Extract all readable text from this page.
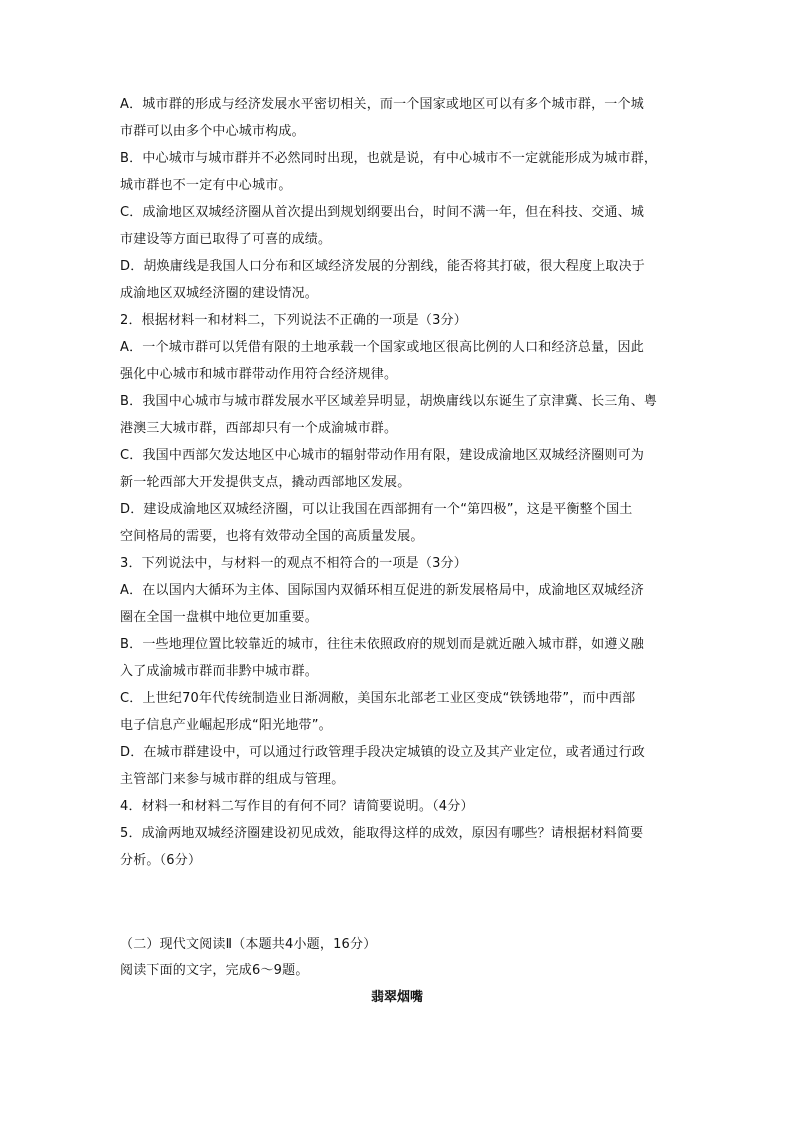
A．城市群的形成与经济发展水平密切相关，而一个国家或地区可以有多个城市群，一个城
市群可以由多个中心城市构成。
B．中心城市与城市群并不必然同时出现，也就是说，有中心城市不一定就能形成为城市群，
城市群也不一定有中心城市。
C．成渝地区双城经济圈从首次提出到规划纲要出台，时间不满一年，但在科技、交通、城
市建设等方面已取得了可喜的成绩。
D．胡焕庸线是我国人口分布和区域经济发展的分割线，能否将其打破，很大程度上取决于
成渝地区双城经济圈的建设情况。
2．根据材料一和材料二，下列说法不正确的一项是（3分）
A．一个城市群可以凭借有限的土地承载一个国家或地区很高比例的人口和经济总量，因此
强化中心城市和城市群带动作用符合经济规律。
B．我国中心城市与城市群发展水平区域差异明显，胡焕庸线以东诞生了京津冀、长三角、粤
港澳三大城市群，西部却只有一个成渝城市群。
C．我国中西部欠发达地区中心城市的辐射带动作用有限，建设成渝地区双城经济圈则可为
新一轮西部大开发提供支点，撬动西部地区发展。
D．建设成渝地区双城经济圈，可以让我国在西部拥有一个“第四极”，这是平衡整个国土
空间格局的需要，也将有效带动全国的高质量发展。
3．下列说法中，与材料一的观点不相符合的一项是（3分）
A．在以国内大循环为主体、国际国内双循环相互促进的新发展格局中，成渝地区双城经济
圈在全国一盘棋中地位更加重要。
B．一些地理位置比较靠近的城市，往往未依照政府的规划而是就近融入城市群，如遵义融
入了成渝城市群而非黔中城市群。
C．上世纪70年代传统制造业日渐凋敝，美国东北部老工业区变成“铁锈地带”，而中西部
电子信息产业崛起形成“阳光地带”。
D．在城市群建设中，可以通过行政管理手段决定城镇的设立及其产业定位，或者通过行政
主管部门来参与城市群的组成与管理。
4．材料一和材料二写作目的有何不同？请简要说明。（4分）
5．成渝两地双城经济圈建设初见成效，能取得这样的成效，原因有哪些？请根据材料简要
分析。（6分）
（二）现代文阅读Ⅱ（本题共4小题，16分）
阅读下面的文字，完成6～9题。
翡翠烟嘴
